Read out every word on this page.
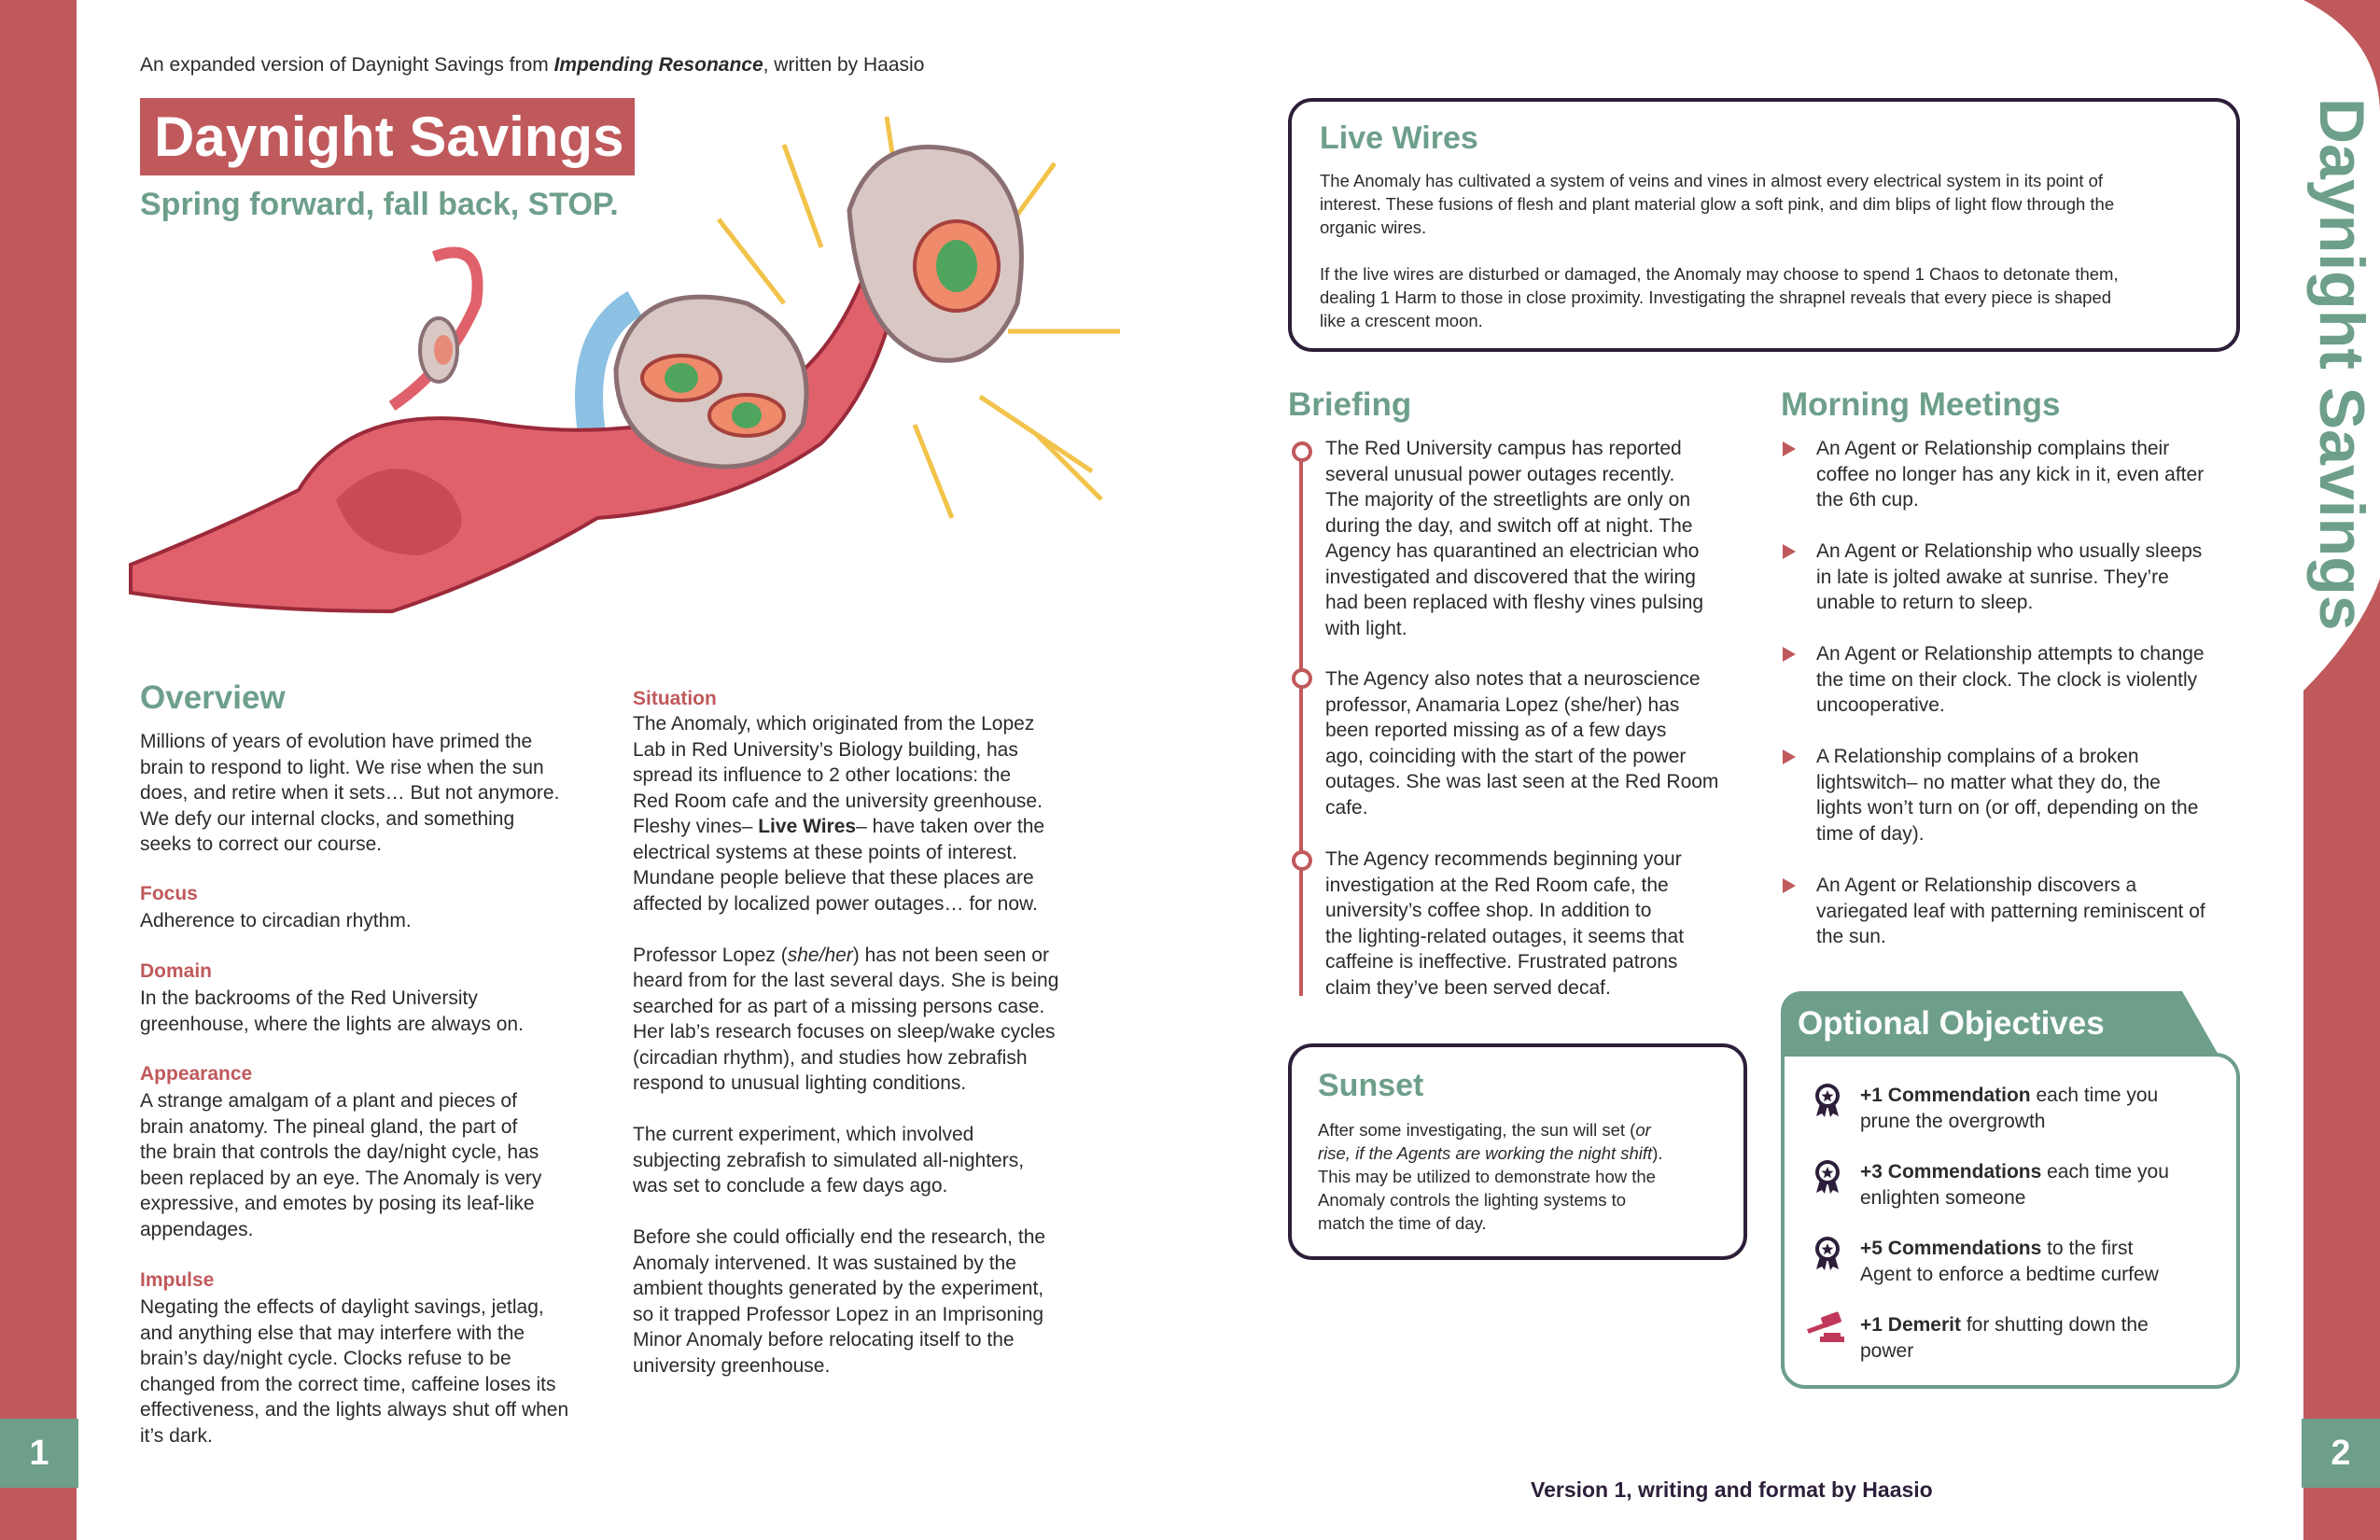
1	2
Daynight Savings
An expanded version of Daynight Savings from Impending Resonance, written by Haasio
Daynight Savings
Spring forward, fall back, STOP.
Overview
Millions of years of evolution have primed the
brain to respond to light. We rise when the sun
does, and retire when it sets… But not anymore.
We defy our internal clocks, and something
seeks to correct our course.
Focus
Adherence to circadian rhythm.
Domain
In the backrooms of the Red University
greenhouse, where the lights are always on.
Appearance
A strange amalgam of a plant and pieces of
brain anatomy. The pineal gland, the part of
the brain that controls the day/night cycle, has
been replaced by an eye. The Anomaly is very
expressive, and emotes by posing its leaf-like
appendages.
Impulse
Negating the effects of daylight savings, jetlag,
and anything else that may interfere with the
brain’s day/night cycle. Clocks refuse to be
changed from the correct time, caffeine loses its
effectiveness, and the lights always shut off when
it’s dark.
Situation
The Anomaly, which originated from the Lopez
Lab in Red University’s Biology building, has
spread its influence to 2 other locations: the
Red Room cafe and the university greenhouse.
Fleshy vines– Live Wires– have taken over the
electrical systems at these points of interest.
Mundane people believe that these places are
affected by localized power outages… for now.
Professor Lopez (she/her) has not been seen or
heard from for the last several days. She is being
searched for as part of a missing persons case.
Her lab’s research focuses on sleep/wake cycles
(circadian rhythm), and studies how zebrafish
respond to unusual lighting conditions.
The current experiment, which involved
subjecting zebrafish to simulated all-nighters,
was set to conclude a few days ago.
Before she could officially end the research, the
Anomaly intervened. It was sustained by the
ambient thoughts generated by the experiment,
so it trapped Professor Lopez in an Imprisoning
Minor Anomaly before relocating itself to the
university greenhouse.
Live Wires
The Anomaly has cultivated a system of veins and vines in almost every electrical system in its point of
interest. These fusions of flesh and plant material glow a soft pink, and dim blips of light flow through the
organic wires.
If the live wires are disturbed or damaged, the Anomaly may choose to spend 1 Chaos to detonate them,
dealing 1 Harm to those in close proximity. Investigating the shrapnel reveals that every piece is shaped
like a crescent moon.
Briefing
The Red University campus has reported
several unusual power outages recently.
The majority of the streetlights are only on
during the day, and switch off at night. The
Agency has quarantined an electrician who
investigated and discovered that the wiring
had been replaced with fleshy vines pulsing
with light.
The Agency also notes that a neuroscience
professor, Anamaria Lopez (she/her) has
been reported missing as of a few days
ago, coinciding with the start of the power
outages. She was last seen at the Red Room
cafe.
The Agency recommends beginning your
investigation at the Red Room cafe, the
university’s coffee shop. In addition to
the lighting-related outages, it seems that
caffeine is ineffective. Frustrated patrons
claim they’ve been served decaf.
Morning Meetings
An Agent or Relationship complains their
coffee no longer has any kick in it, even after
the 6th cup.
An Agent or Relationship who usually sleeps
in late is jolted awake at sunrise. They’re
unable to return to sleep.
An Agent or Relationship attempts to change
the time on their clock. The clock is violently
uncooperative.
A Relationship complains of a broken
lightswitch– no matter what they do, the
lights won’t turn on (or off, depending on the
time of day).
An Agent or Relationship discovers a
variegated leaf with patterning reminiscent of
the sun.
Sunset
After some investigating, the sun will set (or
rise, if the Agents are working the night shift).
This may be utilized to demonstrate how the
Anomaly controls the lighting systems to
match the time of day.
Optional Objectives
+1 Commendation each time you
prune the overgrowth
+3 Commendations each time you
enlighten someone
+5 Commendations to the first
Agent to enforce a bedtime curfew
+1 Demerit for shutting down the
power
Version 1, writing and format by Haasio
